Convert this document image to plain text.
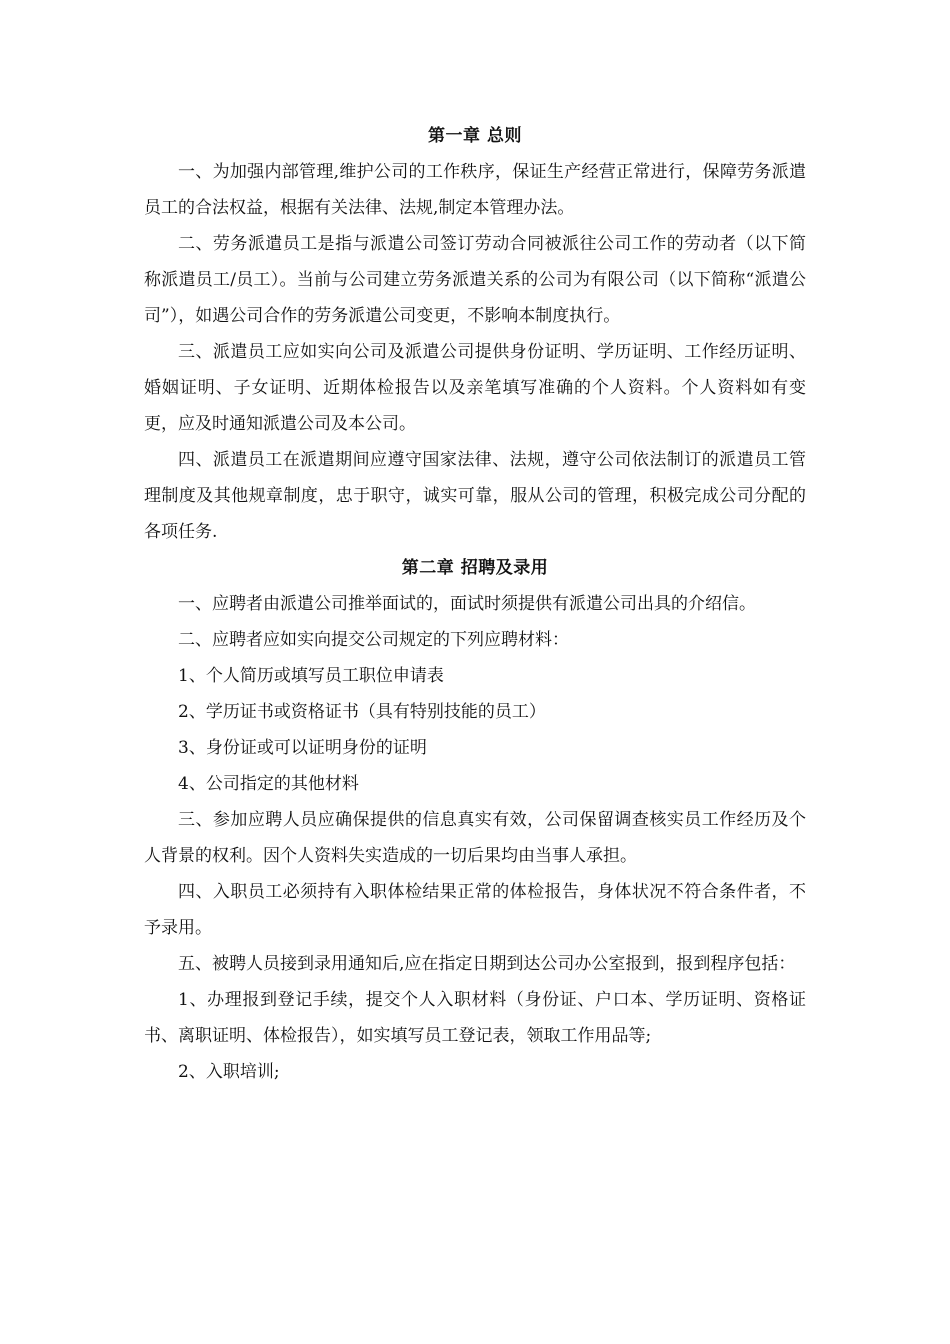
第一章 总则

一、为加强内部管理,维护公司的工作秩序，保证生产经营正常进行，保障劳务派遣员工的合法权益，根据有关法律、法规,制定本管理办法。

二、劳务派遣员工是指与派遣公司签订劳动合同被派往公司工作的劳动者（以下简称派遣员工/员工）。当前与公司建立劳务派遣关系的公司为有限公司（以下简称“派遣公司”），如遇公司合作的劳务派遣公司变更，不影响本制度执行。

三、派遣员工应如实向公司及派遣公司提供身份证明、学历证明、工作经历证明、婚姻证明、子女证明、近期体检报告以及亲笔填写准确的个人资料。个人资料如有变更，应及时通知派遣公司及本公司。

四、派遣员工在派遣期间应遵守国家法律、法规，遵守公司依法制订的派遣员工管理制度及其他规章制度，忠于职守，诚实可靠，服从公司的管理，积极完成公司分配的各项任务.

第二章 招聘及录用

一、应聘者由派遣公司推举面试的，面试时须提供有派遣公司出具的介绍信。

二、应聘者应如实向提交公司规定的下列应聘材料：

1、个人简历或填写员工职位申请表

2、学历证书或资格证书（具有特别技能的员工）

3、身份证或可以证明身份的证明

4、公司指定的其他材料

三、参加应聘人员应确保提供的信息真实有效，公司保留调查核实员工作经历及个人背景的权利。因个人资料失实造成的一切后果均由当事人承担。

四、入职员工必须持有入职体检结果正常的体检报告，身体状况不符合条件者，不予录用。

五、被聘人员接到录用通知后,应在指定日期到达公司办公室报到，报到程序包括：

1、办理报到登记手续，提交个人入职材料（身份证、户口本、学历证明、资格证书、离职证明、体检报告），如实填写员工登记表，领取工作用品等;

2、入职培训;
